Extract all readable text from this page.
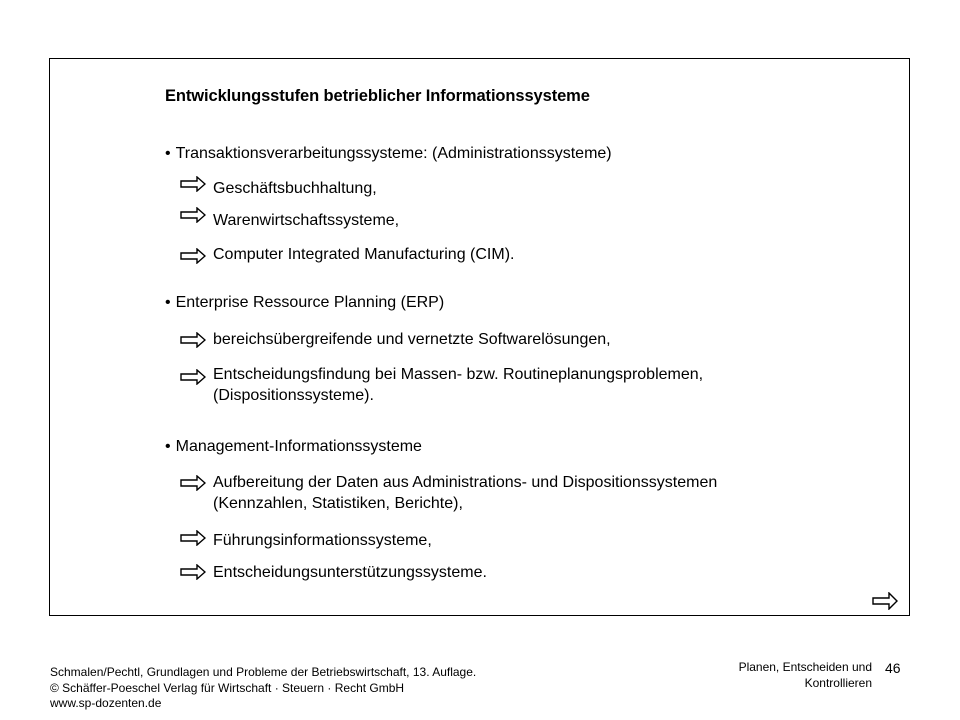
Entwicklungsstufen betrieblicher Informationssysteme
• Transaktionsverarbeitungssysteme: (Administrationssysteme)
Geschäftsbuchhaltung,
Warenwirtschaftssysteme,
Computer Integrated Manufacturing (CIM).
• Enterprise Ressource Planning (ERP)
bereichsübergreifende und vernetzte Softwarelösungen,
Entscheidungsfindung bei Massen- bzw. Routineplanungsproblemen,
(Dispositionssysteme).
• Management-Informationssysteme
Aufbereitung der Daten aus Administrations- und Dispositionssystemen
(Kennzahlen, Statistiken, Berichte),
Führungsinformationssysteme,
Entscheidungsunterstützungssysteme.
Schmalen/Pechtl, Grundlagen und Probleme der Betriebswirtschaft, 13. Auflage.
© Schäffer-Poeschel Verlag für Wirtschaft · Steuern · Recht GmbH
www.sp-dozenten.de
Planen, Entscheiden und
Kontrollieren
46
